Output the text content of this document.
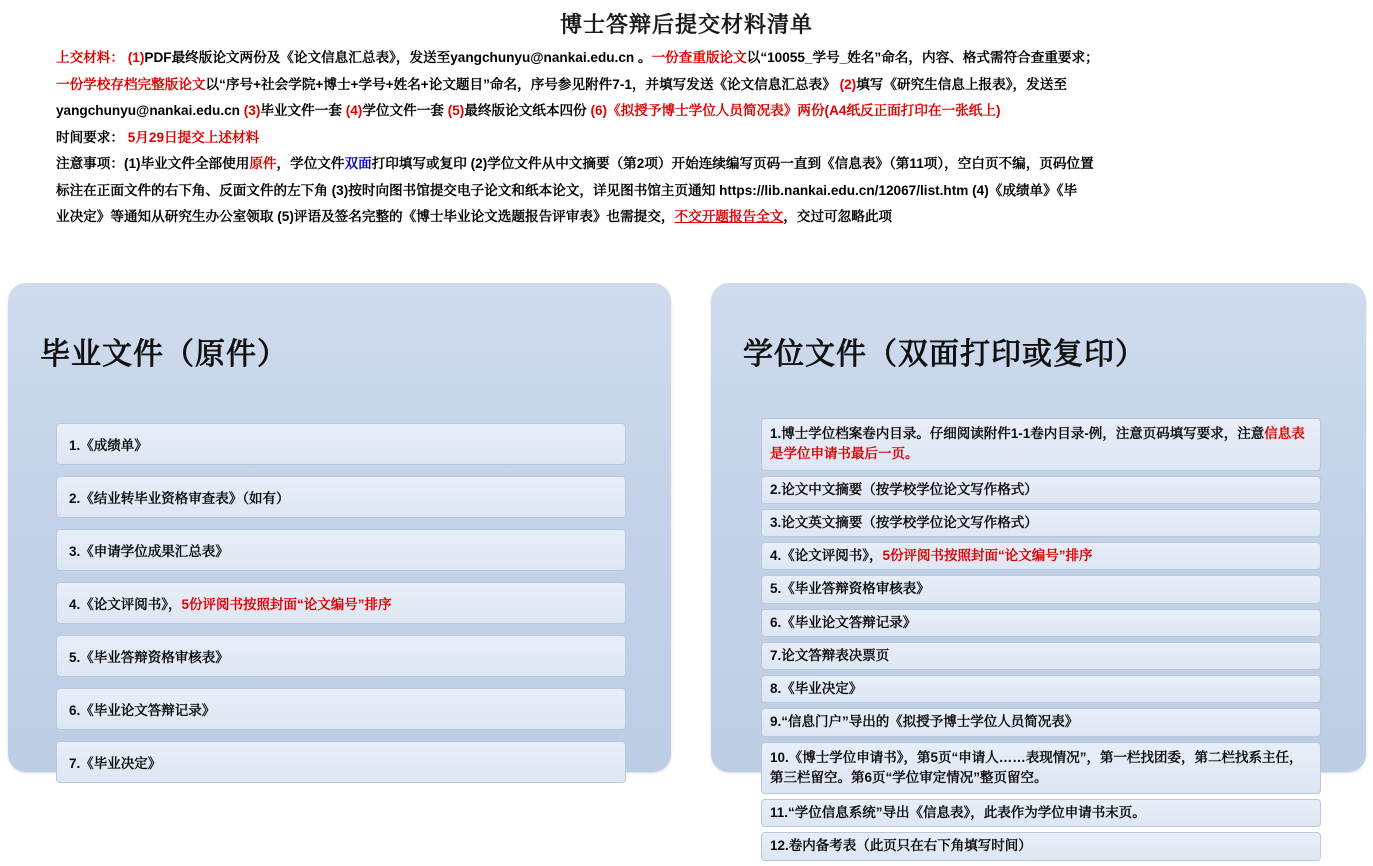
博士答辩后提交材料清单

上交材料： (1)PDF最终版论文两份及《论文信息汇总表》，发送至yangchunyu@nankai.edu.cn 。一份查重版论文以“10055_学号_姓名”命名，内容、格式需符合查重要求；

一份学校存档完整版论文以“序号+社会学院+博士+学号+姓名+论文题目”命名，序号参见附件7-1，并填写发送《论文信息汇总表》 (2)填写《研究生信息上报表》，发送至

yangchunyu@nankai.edu.cn (3)毕业文件一套 (4)学位文件一套 (5)最终版论文纸本四份 (6)《拟授予博士学位人员简况表》两份(A4纸反正面打印在一张纸上)

时间要求： 5月29日提交上述材料

注意事项：(1)毕业文件全部使用原件，学位文件双面打印填写或复印 (2)学位文件从中文摘要（第2项）开始连续编写页码一直到《信息表》（第11项），空白页不编，页码位置

标注在正面文件的右下角、反面文件的左下角 (3)按时向图书馆提交电子论文和纸本论文，详见图书馆主页通知 https://lib.nankai.edu.cn/12067/list.htm (4)《成绩单》《毕

业决定》等通知从研究生办公室领取 (5)评语及签名完整的《博士毕业论文选题报告评审表》也需提交，不交开题报告全文，交过可忽略此项

毕业文件（原件）
1.《成绩单》
2.《结业转毕业资格审查表》（如有）
3.《申请学位成果汇总表》
4.《论文评阅书》， 5份评阅书按照封面“论文编号”排序
5.《毕业答辩资格审核表》
6.《毕业论文答辩记录》
7.《毕业决定》
学位文件（双面打印或复印）
1.博士学位档案卷内目录。仔细阅读附件1-1卷内目录-例，注意页码填写要求，注意信息表是学位申请书最后一页。
2.论文中文摘要（按学校学位论文写作格式）
3.论文英文摘要（按学校学位论文写作格式）
4.《论文评阅书》，5份评阅书按照封面“论文编号”排序
5.《毕业答辩资格审核表》
6.《毕业论文答辩记录》
7.论文答辩表决票页
8.《毕业决定》
9.“信息门户”导出的《拟授予博士学位人员简况表》
10.《博士学位申请书》，第5页“申请人……表现情况”，第一栏找团委，第二栏找系主任，第三栏留空。第6页“学位审定情况”整页留空。
11.“学位信息系统”导出《信息表》，此表作为学位申请书末页。
12.卷内备考表（此页只在右下角填写时间）
